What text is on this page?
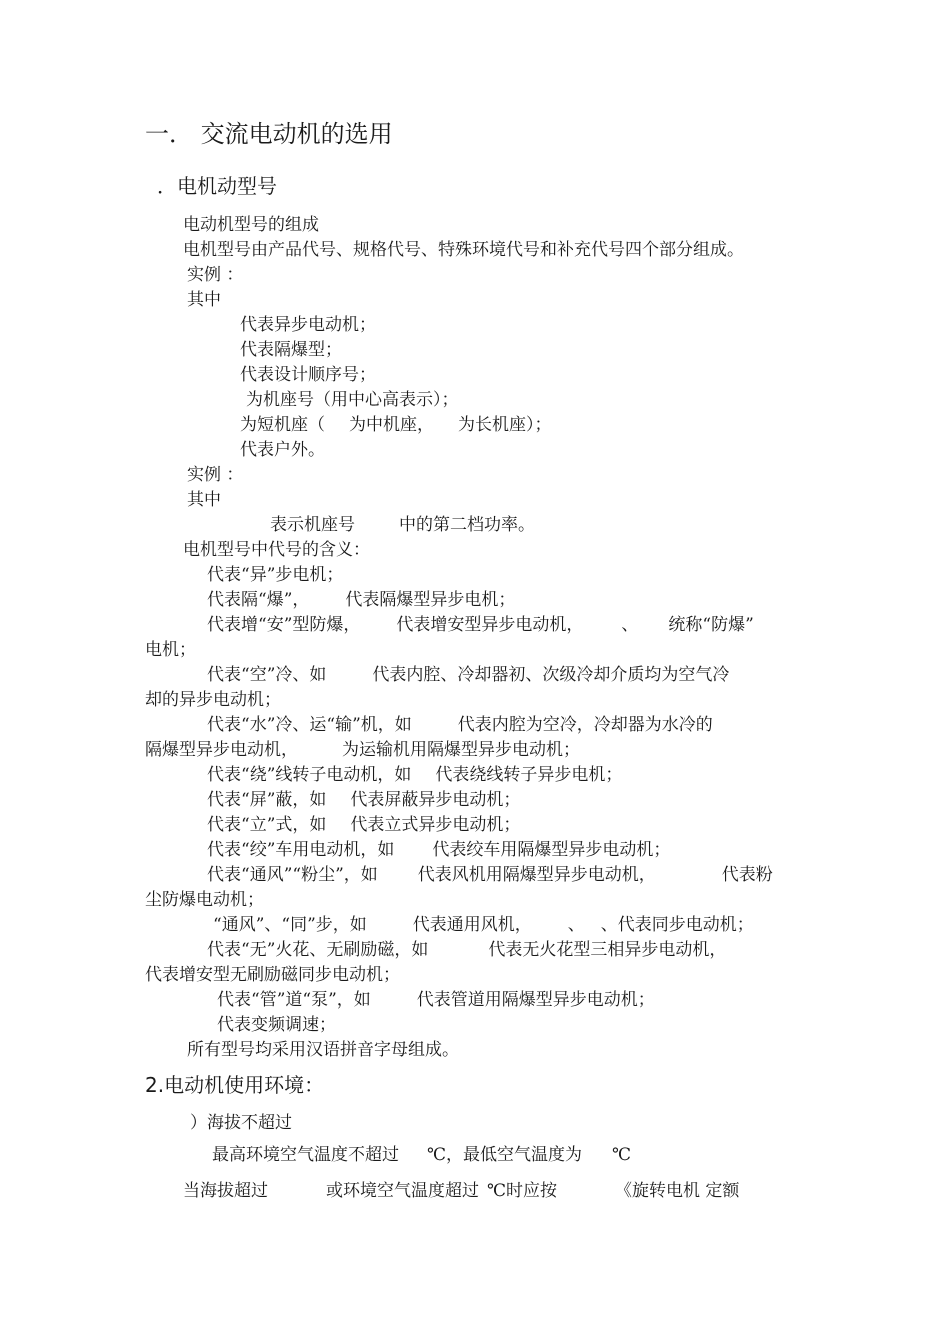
一． 交流电动机的选用
．电机动型号
电动机型号的组成
电机型号由产品代号、规格代号、特殊环境代号和补充代号四个部分组成。
实例 ：
其中
代表异步电动机；
代表隔爆型；
代表设计顺序号；
为机座号（用中心高表示）；
为短机座（ 为中机座， 为长机座）；
代表户外。
实例 ：
其中
表示机座号	中的第二档功率。
电机型号中代号的含义：
代表“异”步电机；
代表隔“爆”， 代表隔爆型异步电机；
代表增“安”型防爆， 代表增安型异步电动机， 、 统称“防爆”
电机；
代表“空”冷、如	代表内腔、冷却器初、次级冷却介质均为空气冷
却的异步电动机；
代表“水”冷、运“输”机，如	代表内腔为空冷，冷却器为水冷的
隔爆型异步电动机，	为运输机用隔爆型异步电动机；
代表“绕”线转子电动机，如 代表绕线转子异步电机；
代表“屏”蔽，如 代表屏蔽异步电动机；
代表“立”式，如 代表立式异步电动机；
代表“绞”车用电动机，如 代表绞车用隔爆型异步电动机；
代表“通风”“粉尘”，如 代表风机用隔爆型异步电动机，	代表粉
尘防爆电动机；
“通风”、“同”步，如	代表通用风机， 、 、代表同步电动机；
代表“无”火花、无刷励磁，如	代表无火花型三相异步电动机，
代表增安型无刷励磁同步电动机；
代表“管”道“泵”，如	代表管道用隔爆型异步电动机；
代表变频调速；
所有型号均采用汉语拼音字母组成。
2.电动机使用环境：
）海拔不超过
最高环境空气温度不超过 ℃，最低空气温度为 ℃
当海拔超过	或环境空气温度超过 ℃时应按	《旋转电机 定额
